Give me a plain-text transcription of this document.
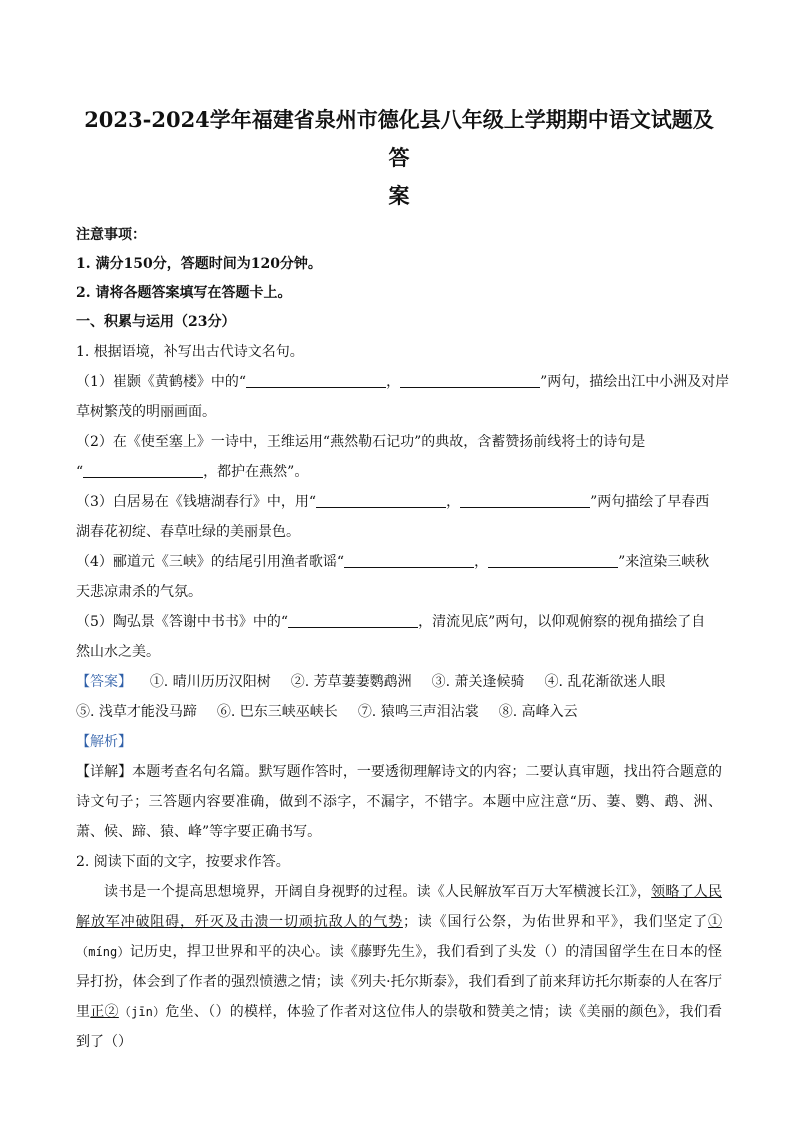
2023-2024学年福建省泉州市德化县八年级上学期期中语文试题及答
案

注意事项：

1. 满分150分，答题时间为120分钟。

2. 请将各题答案填写在答题卡上。

一、积累与运用（23分）

1. 根据语境，补写出古代诗文名句。

（1）崔颢《黄鹤楼》中的“	，	”两句，描绘出江中小洲及对岸

草树繁茂的明丽画面。

（2）在《使至塞上》一诗中，王维运用“燕然勒石记功”的典故，含蓄赞扬前线将士的诗句是

“	，都护在燕然”。

（3）白居易在《钱塘湖春行》中，用“	，	”两句描绘了早春西

湖春花初绽、春草吐绿的美丽景色。

（4）郦道元《三峡》的结尾引用渔者歌谣“	，	”来渲染三峡秋

天悲凉肃杀的气氛。

（5）陶弘景《答谢中书书》中的“	，清流见底”两句，以仰观俯察的视角描绘了自

然山水之美。

【答案】 ①. 晴川历历汉阳树 ②. 芳草萋萋鹦鹉洲 ③. 萧关逢候骑 ④. 乱花渐欲迷人眼

⑤. 浅草才能没马蹄 ⑥. 巴东三峡巫峡长 ⑦. 猿鸣三声泪沾裳 ⑧. 高峰入云

【解析】

【详解】本题考查名句名篇。默写题作答时，一要透彻理解诗文的内容；二要认真审题，找出符合题意的诗文句子；三答题内容要准确，做到不添字，不漏字，不错字。本题中应注意“历、萋、鹦、鹉、洲、萧、候、蹄、猿、峰”等字要正确书写。

2. 阅读下面的文字，按要求作答。

读书是一个提高思想境界，开阔自身视野的过程。读《人民解放军百万大军横渡长江》，领略了人民解放军冲破阻碍，歼灭及击溃一切顽抗敌人的气势；读《国行公祭，为佑世界和平》，我们坚定了①（míng）记历史，捍卫世界和平的决心。读《藤野先生》，我们看到了头发（）的清国留学生在日本的怪异打扮，体会到了作者的强烈愤懑之情；读《列夫·托尔斯泰》，我们看到了前来拜访托尔斯泰的人在客厅里正②（jīn）危坐、（）的模样，体验了作者对这位伟人的崇敬和赞美之情；读《美丽的颜色》，我们看到了（）
